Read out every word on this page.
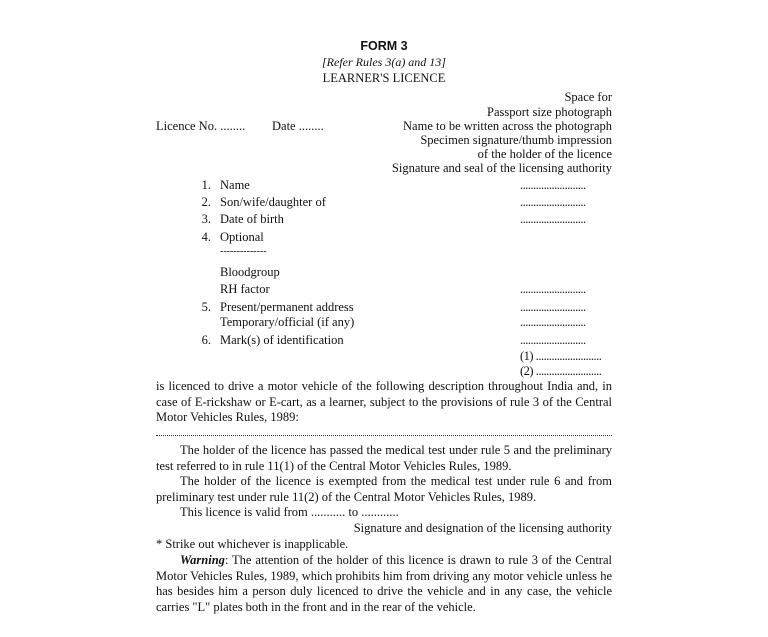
FORM 3
[Refer Rules 3(a) and 13]
LEARNER'S LICENCE
Space for
Passport size photograph
Name to be written across the photograph
Specimen signature/thumb impression
of the holder of the licence
Signature and seal of the licensing authority
Licence No. ........ Date ........
1. Name	.........................
2. Son/wife/daughter of	.........................
3. Date of birth	.........................
4. Optional
--------------
Bloodgroup
RH factor	.........................
5. Present/permanent address	.........................
Temporary/official (if any)	.........................
6. Mark(s) of identification	.........................
(1) .........................
(2) .........................
is licenced to drive a motor vehicle of the following description throughout India and, in case of E-rickshaw or E-cart, as a learner, subject to the provisions of rule 3 of the Central Motor Vehicles Rules, 1989:
The holder of the licence has passed the medical test under rule 5 and the preliminary test referred to in rule 11(1) of the Central Motor Vehicles Rules, 1989.
The holder of the licence is exempted from the medical test under rule 6 and from preliminary test under rule 11(2) of the Central Motor Vehicles Rules, 1989.
This licence is valid from ........... to ............
Signature and designation of the licensing authority
* Strike out whichever is inapplicable.
Warning: The attention of the holder of this licence is drawn to rule 3 of the Central Motor Vehicles Rules, 1989, which prohibits him from driving any motor vehicle unless he has besides him a person duly licenced to drive the vehicle and in any case, the vehicle carries "L" plates both in the front and in the rear of the vehicle.
